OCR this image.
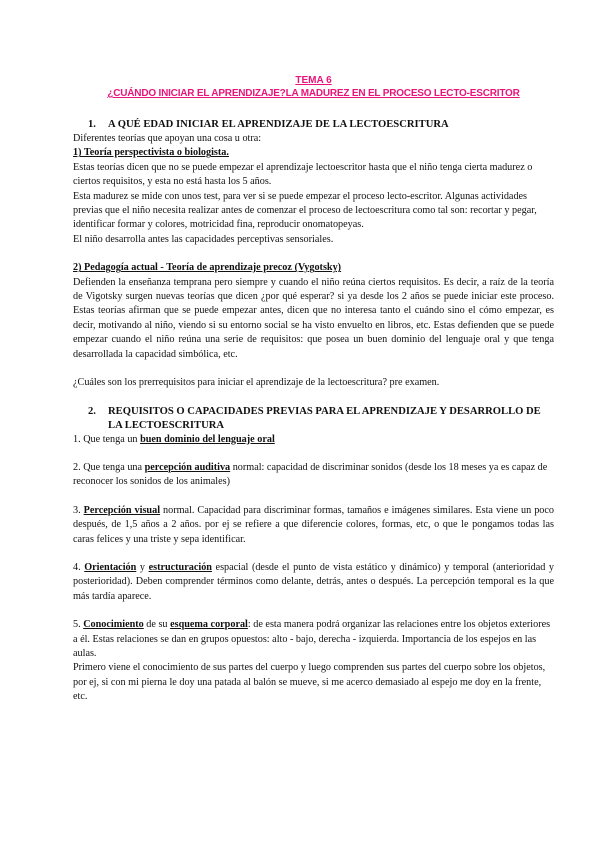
TEMA 6
¿CUÁNDO INICIAR EL APRENDIZAJE?LA MADUREZ EN EL PROCESO LECTO-ESCRITOR
1.	A QUÉ EDAD INICIAR EL APRENDIZAJE DE LA LECTOESCRITURA

Diferentes teorías que apoyan una cosa u otra:

1) Teoría perspectivista o biologista.

Estas teorías dicen que no se puede empezar el aprendizaje lectoescritor hasta que el niño tenga cierta madurez o ciertos requisitos, y esta no está hasta los 5 años.

Esta madurez se mide con unos test, para ver si se puede empezar el proceso lecto-escritor. Algunas actividades previas que el niño necesita realizar antes de comenzar el proceso de lectoescritura como tal son: recortar y pegar, identificar formar y colores, motricidad fina, reproducir onomatopeyas.

El niño desarrolla antes las capacidades perceptivas sensoriales.

2) Pedagogía actual - Teoría de aprendizaje precoz (Vygotsky)

Defienden la enseñanza temprana pero siempre y cuando el niño reúna ciertos requisitos. Es decir, a raíz de la teoría de Vigotsky surgen nuevas teorías que dicen ¿por qué esperar? si ya desde los 2 años se puede iniciar este proceso. Estas teorías afirman que se puede empezar antes, dicen que no interesa tanto el cuándo sino el cómo empezar, es decir, motivando al niño, viendo si su entorno social se ha visto envuelto en libros, etc. Estas defienden que se puede empezar cuando el niño reúna una serie de requisitos: que posea un buen dominio del lenguaje oral y que tenga desarrollada la capacidad simbólica, etc.

¿Cuáles son los prerrequisitos para iniciar el aprendizaje de la lectoescritura? pre examen.

2.	REQUISITOS O CAPACIDADES PREVIAS PARA EL APRENDIZAJE Y DESARROLLO DE LA LECTOESCRITURA

1. Que tenga un buen dominio del lenguaje oral

2. Que tenga una percepción auditiva normal: capacidad de discriminar sonidos (desde los 18 meses ya es capaz de reconocer los sonidos de los animales)

3. Percepción visual normal. Capacidad para discriminar formas, tamaños e imágenes similares. Esta viene un poco después, de 1,5 años a 2 años. por ej se refiere a que diferencie colores, formas, etc, o que le pongamos todas las caras felices y una triste y sepa identificar.

4. Orientación y estructuración espacial (desde el punto de vista estático y dinámico) y temporal (anterioridad y posterioridad). Deben comprender términos como delante, detrás, antes o después. La percepción temporal es la que más tardía aparece.

5. Conocimiento de su esquema corporal: de esta manera podrá organizar las relaciones entre los objetos exteriores a él. Estas relaciones se dan en grupos opuestos: alto - bajo, derecha - izquierda. Importancia de los espejos en las aulas.

Primero viene el conocimiento de sus partes del cuerpo y luego comprenden sus partes del cuerpo sobre los objetos, por ej, si con mi pierna le doy una patada al balón se mueve, si me acerco demasiado al espejo me doy en la frente, etc.
